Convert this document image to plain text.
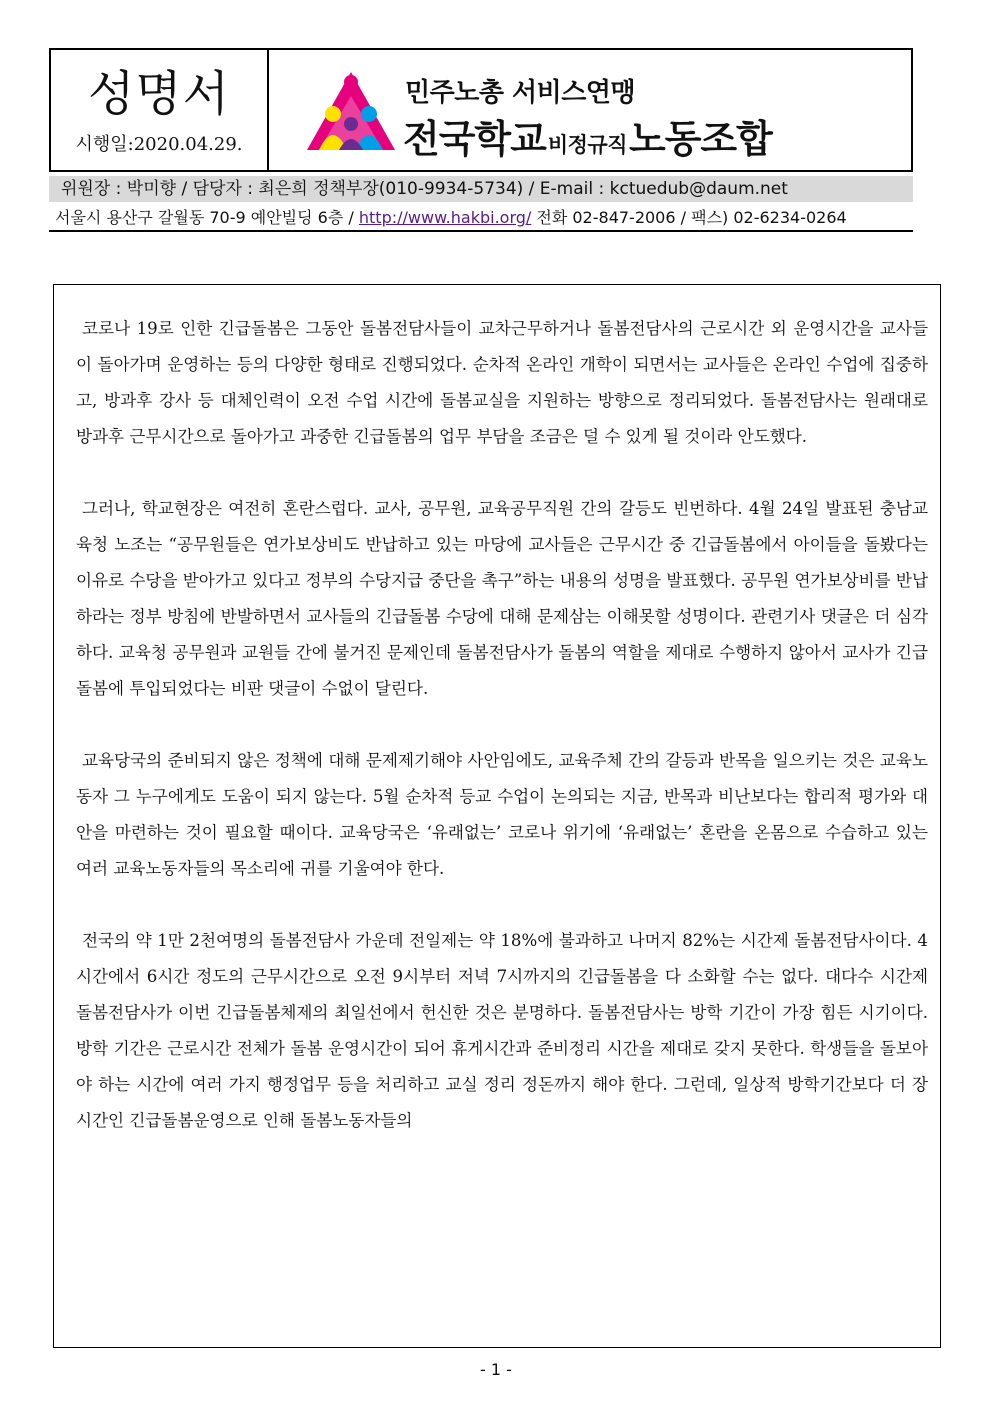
성명서
시행일:2020.04.29.
민주노총 서비스연맹
전국학교비정규직노동조합
위원장 : 박미향 / 담당자 : 최은희 정책부장(010-9934-5734) / E-mail : kctuedub@daum.net
서울시 용산구 갈월동 70-9 예안빌딩 6층 / http://www.hakbi.org/ 전화 02-847-2006 / 팩스) 02-6234-0264

코로나 19로 인한 긴급돌봄은 그동안 돌봄전담사들이 교차근무하거나 돌봄전담사의 근로시간 외 운영시간을 교사들이 돌아가며 운영하는 등의 다양한 형태로 진행되었다. 순차적 온라인 개학이 되면서는 교사들은 온라인 수업에 집중하고, 방과후 강사 등 대체인력이 오전 수업 시간에 돌봄교실을 지원하는 방향으로 정리되었다. 돌봄전담사는 원래대로 방과후 근무시간으로 돌아가고 과중한 긴급돌봄의 업무 부담을 조금은 덜 수 있게 될 것이라 안도했다.

그러나, 학교현장은 여전히 혼란스럽다. 교사, 공무원, 교육공무직원 간의 갈등도 빈번하다. 4월 24일 발표된 충남교육청 노조는 “공무원들은 연가보상비도 반납하고 있는 마당에 교사들은 근무시간 중 긴급돌봄에서 아이들을 돌봤다는 이유로 수당을 받아가고 있다고 정부의 수당지급 중단을 촉구”하는 내용의 성명을 발표했다. 공무원 연가보상비를 반납하라는 정부 방침에 반발하면서 교사들의 긴급돌봄 수당에 대해 문제삼는 이해못할 성명이다. 관련기사 댓글은 더 심각하다. 교육청 공무원과 교원들 간에 불거진 문제인데 돌봄전담사가 돌봄의 역할을 제대로 수행하지 않아서 교사가 긴급돌봄에 투입되었다는 비판 댓글이 수없이 달린다.

교육당국의 준비되지 않은 정책에 대해 문제제기해야 사안임에도, 교육주체 간의 갈등과 반목을 일으키는 것은 교육노동자 그 누구에게도 도움이 되지 않는다. 5월 순차적 등교 수업이 논의되는 지금, 반목과 비난보다는 합리적 평가와 대안을 마련하는 것이 필요할 때이다. 교육당국은 ‘유래없는’ 코로나 위기에 ‘유래없는’ 혼란을 온몸으로 수습하고 있는 여러 교육노동자들의 목소리에 귀를 기울여야 한다.

전국의 약 1만 2천여명의 돌봄전담사 가운데 전일제는 약 18%에 불과하고 나머지 82%는 시간제 돌봄전담사이다. 4시간에서 6시간 정도의 근무시간으로 오전 9시부터 저녁 7시까지의 긴급돌봄을 다 소화할 수는 없다. 대다수 시간제 돌봄전담사가 이번 긴급돌봄체제의 최일선에서 헌신한 것은 분명하다. 돌봄전담사는 방학 기간이 가장 힘든 시기이다. 방학 기간은 근로시간 전체가 돌봄 운영시간이 되어 휴게시간과 준비정리 시간을 제대로 갖지 못한다. 학생들을 돌보아야 하는 시간에 여러 가지 행정업무 등을 처리하고 교실 정리 정돈까지 해야 한다. 그런데, 일상적 방학기간보다 더 장시간인 긴급돌봄운영으로 인해 돌봄노동자들의

- 1 -
